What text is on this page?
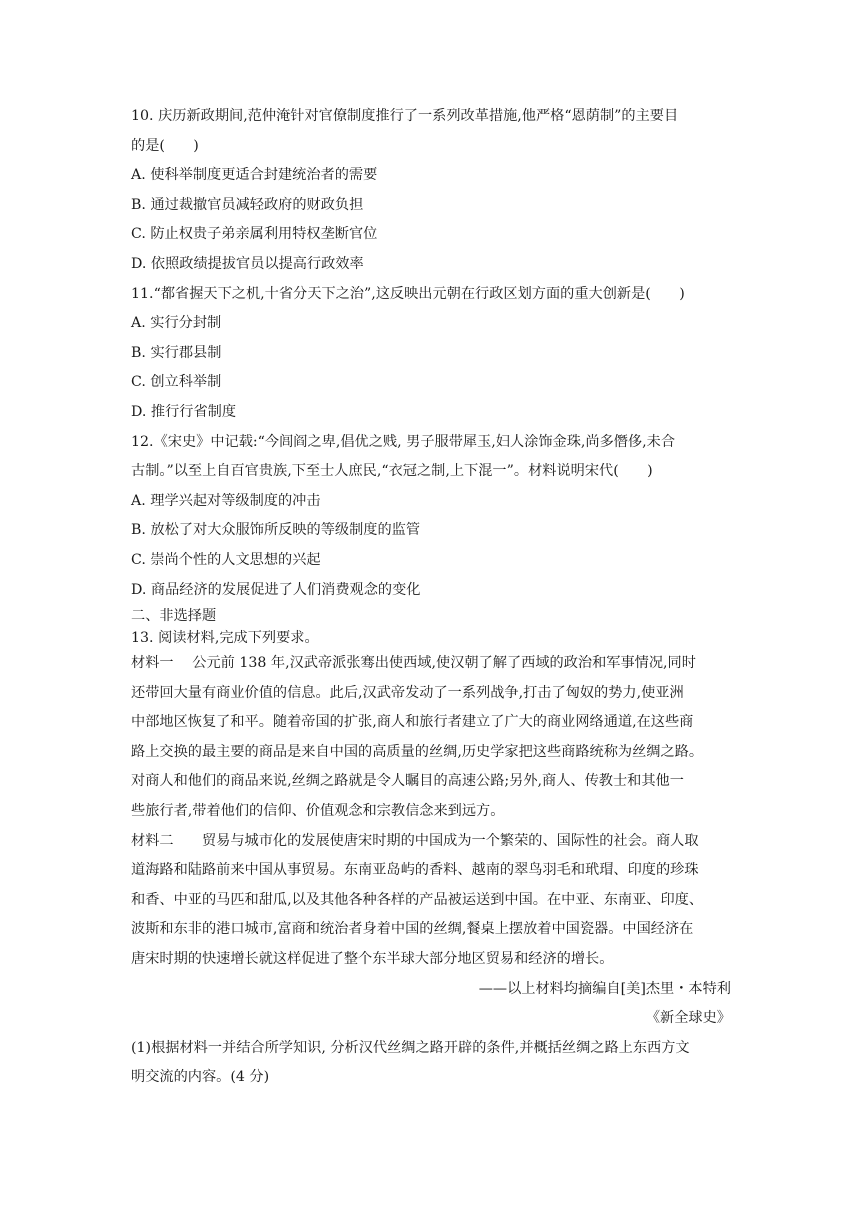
10. 庆历新政期间,范仲淹针对官僚制度推行了一系列改革措施,他严格“恩荫制”的主要目
的是(　　)
A. 使科举制度更适合封建统治者的需要
B. 通过裁撤官员减轻政府的财政负担
C. 防止权贵子弟亲属利用特权垄断官位
D. 依照政绩提拔官员以提高行政效率
11.“都省握天下之机,十省分天下之治”,这反映出元朝在行政区划方面的重大创新是(　　)
A. 实行分封制
B. 实行郡县制
C. 创立科举制
D. 推行行省制度
12.《宋史》中记载:“今闾阎之卑,倡优之贱, 男子服带犀玉,妇人涂饰金珠,尚多僭侈,未合
古制。”以至上自百官贵族,下至士人庶民,“衣冠之制,上下混一”。材料说明宋代(　　)
A. 理学兴起对等级制度的冲击
B. 放松了对大众服饰所反映的等级制度的监管
C. 崇尚个性的人文思想的兴起
D. 商品经济的发展促进了人们消费观念的变化
二、非选择题
13. 阅读材料,完成下列要求。
材料一　 公元前 138 年,汉武帝派张骞出使西域,使汉朝了解了西域的政治和军事情况,同时
还带回大量有商业价值的信息。此后,汉武帝发动了一系列战争,打击了匈奴的势力,使亚洲
中部地区恢复了和平。随着帝国的扩张,商人和旅行者建立了广大的商业网络通道,在这些商
路上交换的最主要的商品是来自中国的高质量的丝绸,历史学家把这些商路统称为丝绸之路。
对商人和他们的商品来说,丝绸之路就是令人瞩目的高速公路;另外,商人、传教士和其他一
些旅行者,带着他们的信仰、价值观念和宗教信念来到远方。
材料二　　贸易与城市化的发展使唐宋时期的中国成为一个繁荣的、国际性的社会。商人取
道海路和陆路前来中国从事贸易。东南亚岛屿的香料、越南的翠鸟羽毛和玳瑁、印度的珍珠
和香、中亚的马匹和甜瓜,以及其他各种各样的产品被运送到中国。在中亚、东南亚、印度、
波斯和东非的港口城市,富商和统治者身着中国的丝绸,餐桌上摆放着中国瓷器。中国经济在
唐宋时期的快速增长就这样促进了整个东半球大部分地区贸易和经济的增长。
——以上材料均摘编自[美]杰里・本特利
《新全球史》
(1)根据材料一并结合所学知识, 分析汉代丝绸之路开辟的条件,并概括丝绸之路上东西方文
明交流的内容。(4 分)
